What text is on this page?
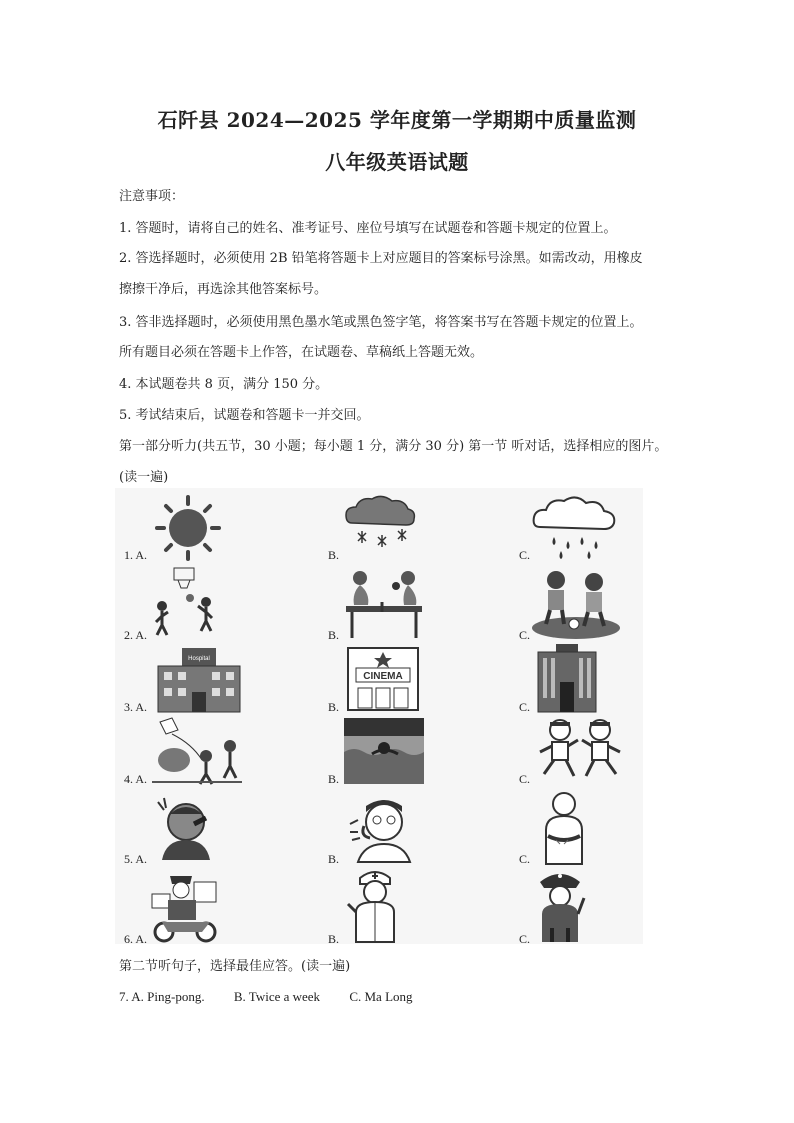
石阡县 2024—2025 学年度第一学期期中质量监测
八年级英语试题
注意事项：
1. 答题时，请将自己的姓名、准考证号、座位号填写在试题卷和答题卡规定的位置上。
2. 答选择题时，必须使用 2B 铅笔将答题卡上对应题目的答案标号涂黑。如需改动，用橡皮
擦擦干净后，再选涂其他答案标号。
3. 答非选择题时，必须使用黑色墨水笔或黑色签字笔，将答案书写在答题卡规定的位置上。
所有题目必须在答题卡上作答，在试题卷、草稿纸上答题无效。
4. 本试题卷共 8 页，满分 150 分。
5. 考试结束后，试题卷和答题卡一并交回。
第一部分听力(共五节，30 小题；每小题 1 分，满分 30 分) 第一节 听对话，选择相应的图片。
(读一遍)
1. A.	B.	C.
2. A.	B.	C.
3. A.	B.	C.
Hospital
CINEMA
4. A.	B.	C.
5. A.	B.	C.
6. A.	B.	C.
第二节听句子，选择最佳应答。(读一遍)
7. A. Ping-pong. B. Twice a week C. Ma Long
